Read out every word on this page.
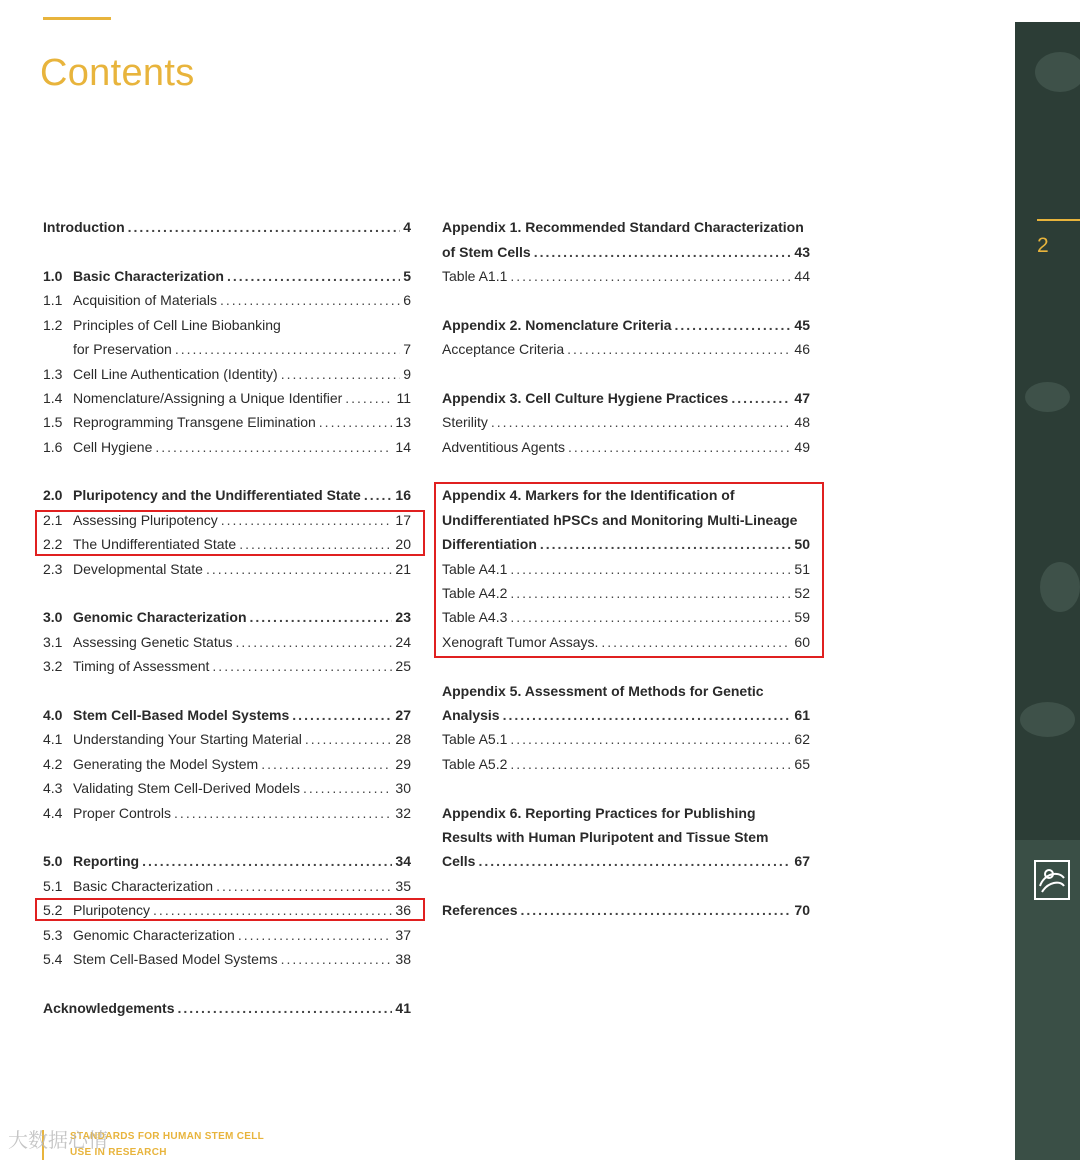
Contents
Introduction .....	4
1.0 Basic Characterization .....	5
1.1 Acquisition of Materials .....	6
1.2 Principles of Cell Line Biobanking
for Preservation .....	7
1.3 Cell Line Authentication (Identity) .....	9
1.4 Nomenclature/Assigning a Unique Identifier .....	11
1.5 Reprogramming Transgene Elimination .....	13
1.6 Cell Hygiene .....	14
2.0 Pluripotency and the Undifferentiated State ..... 16
2.1 Assessing Pluripotency .....	17
2.2 The Undifferentiated State .....	20
2.3 Developmental State .....	21
3.0 Genomic Characterization .....	23
3.1 Assessing Genetic Status .....	24
3.2 Timing of Assessment .....	25
4.0 Stem Cell-Based Model Systems .....	27
4.1 Understanding Your Starting Material .....	28
4.2 Generating the Model System .....	29
4.3 Validating Stem Cell-Derived Models .....	30
4.4 Proper Controls .....	32
5.0 Reporting .....	34
5.1 Basic Characterization .....	35
5.2 Pluripotency .....	36
5.3 Genomic Characterization .....	37
5.4 Stem Cell-Based Model Systems .....	38
Acknowledgements .....	41
Appendix 1. Recommended Standard Characterization
of Stem Cells .....	43
Table A1.1 .....	44
Appendix 2. Nomenclature Criteria .....	45
Acceptance Criteria .....	46
Appendix 3. Cell Culture Hygiene Practices .....	47
Sterility .....	48
Adventitious Agents .....	49
Appendix 4. Markers for the Identification of
Undifferentiated hPSCs and Monitoring Multi-Lineage
Differentiation .....	50
Table A4.1 .....	51
Table A4.2 .....	52
Table A4.3 .....	59
Xenograft Tumor Assays. .....	60
Appendix 5. Assessment of Methods for Genetic
Analysis .....	61
Table A5.1 .....	62
Table A5.2 .....	65
Appendix 6. Reporting Practices for Publishing
Results with Human Pluripotent and Tissue Stem
Cells .....	67
References .....	70
2
STANDARDS FOR HUMAN STEM CELL
USE IN RESEARCH
大数据心情
